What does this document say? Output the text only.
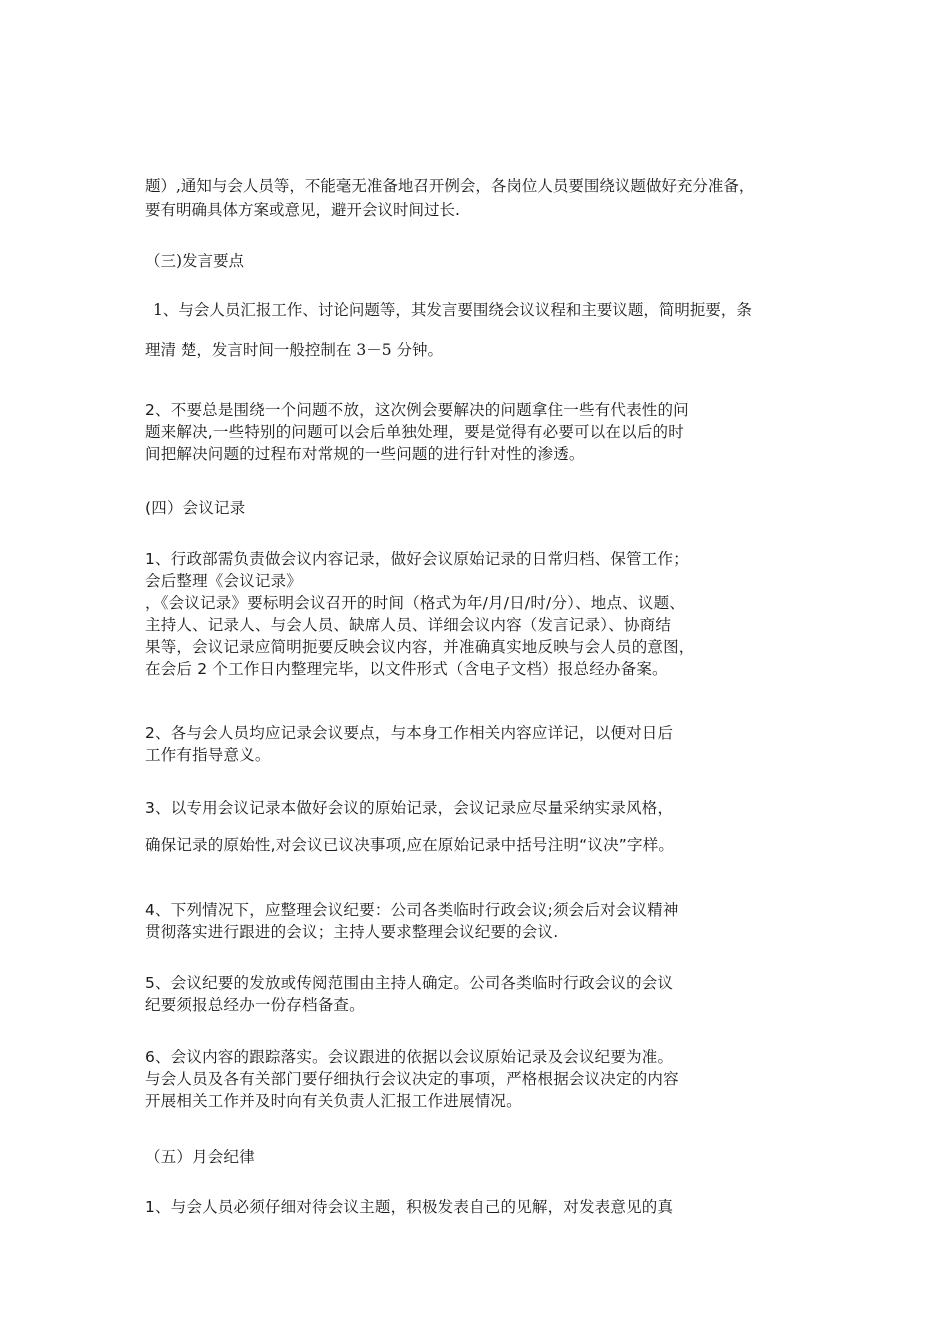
题）,通知与会人员等，不能毫无准备地召开例会，各岗位人员要围绕议题做好充分准备，
要有明确具体方案或意见，避开会议时间过长.

（三)发言要点

1、与会人员汇报工作、讨论问题等，其发言要围绕会议议程和主要议题，简明扼要，条
理清 楚，发言时间一般控制在 3－5 分钟。

2、不要总是围绕一个问题不放，这次例会要解决的问题拿住一些有代表性的问
题来解决,一些特别的问题可以会后单独处理，要是觉得有必要可以在以后的时
间把解决问题的过程布对常规的一些问题的进行针对性的渗透。

(四）会议记录

1、行政部需负责做会议内容记录，做好会议原始记录的日常归档、保管工作；
会后整理《会议记录》
，《会议记录》要标明会议召开的时间（格式为年/月/日/时/分）、地点、议题、
主持人、记录人、与会人员、缺席人员、详细会议内容（发言记录）、协商结
果等，会议记录应简明扼要反映会议内容，并准确真实地反映与会人员的意图，
在会后 2 个工作日内整理完毕，以文件形式（含电子文档）报总经办备案。

2、各与会人员均应记录会议要点，与本身工作相关内容应详记，以便对日后
工作有指导意义。

3、以专用会议记录本做好会议的原始记录，会议记录应尽量采纳实录风格，

确保记录的原始性,对会议已议决事项,应在原始记录中括号注明“议决”字样。

4、下列情况下，应整理会议纪要：公司各类临时行政会议;须会后对会议精神
贯彻落实进行跟进的会议；主持人要求整理会议纪要的会议.

5、会议纪要的发放或传阅范围由主持人确定。公司各类临时行政会议的会议
纪要须报总经办一份存档备查。

6、会议内容的跟踪落实。会议跟进的依据以会议原始记录及会议纪要为准。
与会人员及各有关部门要仔细执行会议决定的事项，严格根据会议决定的内容
开展相关工作并及时向有关负责人汇报工作进展情况。

（五）月会纪律

1、与会人员必须仔细对待会议主题，积极发表自己的见解，对发表意见的真
